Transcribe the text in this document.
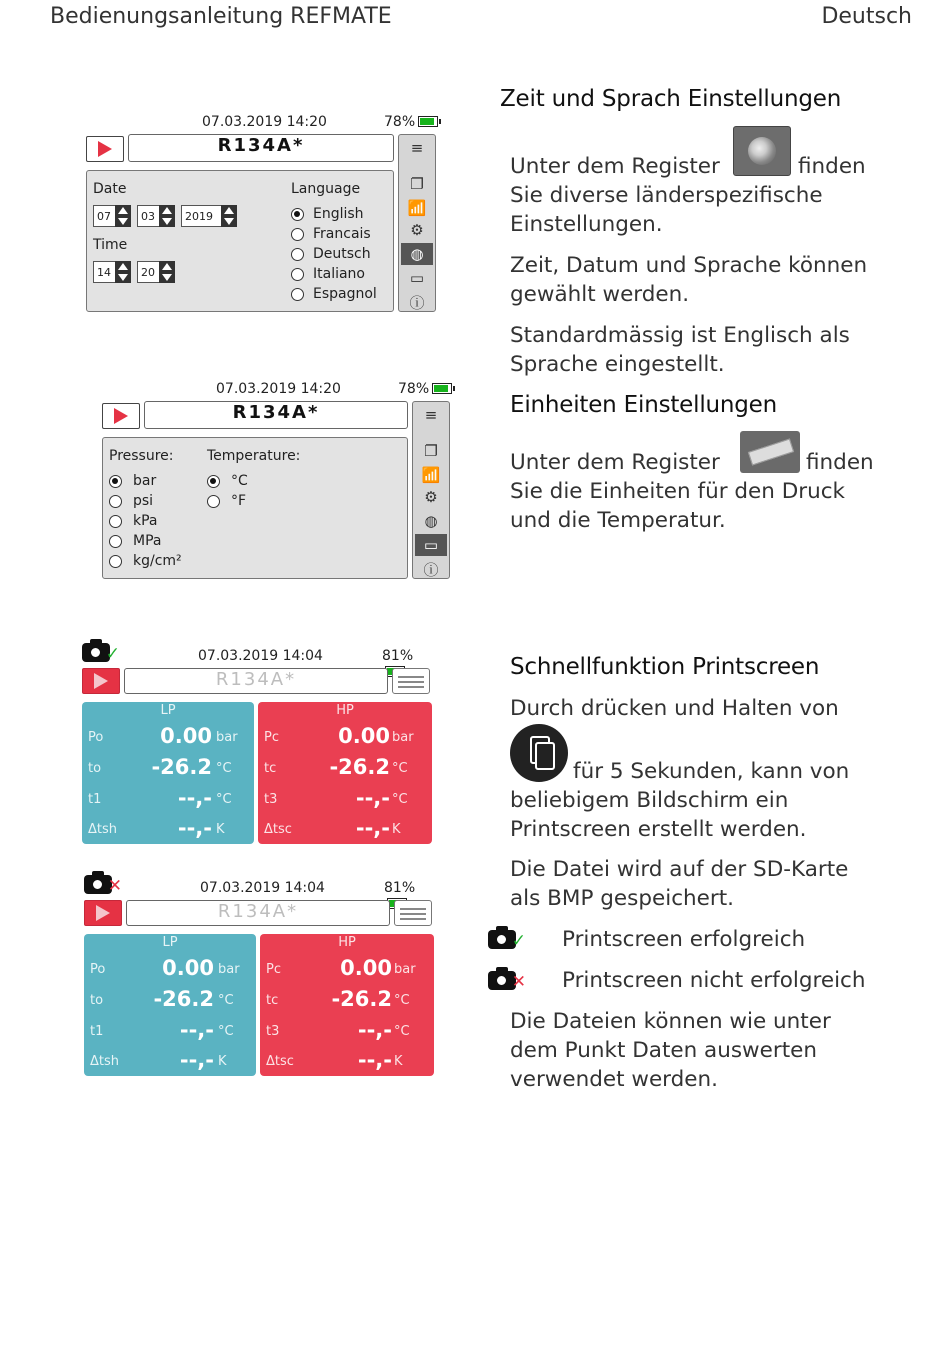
Bedienungsanleitung REFMATE	Deutsch
07.03.2019 14:20	78%
R134A*	≡
❐
📶
⚙
◍
▭
ⓘ
Date
07	03	2019
Time
14	20
Language
English
Francais
Deutsch
Italiano
Espagnol
07.03.2019 14:20	78%
R134A*	≡
❐
📶
⚙
◍
▭
ⓘ
Pressure:
bar
psi
kPa
MPa
kg/cm²
Temperature:
°C
°F
✓	07.03.2019 14:04	81%
R134A*
LP
Po	0.00 bar
to -26.2 °C
t1	--,- °C
Δtsh	--,- K
HP
Pc	0.00 bar
tc	-26.2 °C
t3	--,- °C
Δtsc	--,- K
✕	07.03.2019 14:04	81%
R134A*
LP
Po	0.00 bar
to -26.2 °C
t1	--,- °C
Δtsh	--,- K
HP
Pc	0.00 bar
tc	-26.2 °C
t3	--,- °C
Δtsc	--,- K
Zeit und Sprach Einstellungen
Unter dem Register	finden
Sie diverse länderspezifische
Einstellungen.
Zeit, Datum und Sprache können
gewählt werden.
Standardmässig ist Englisch als
Sprache eingestellt.
Einheiten Einstellungen
Unter dem Register	finden
Sie die Einheiten für den Druck
und die Temperatur.
Schnellfunktion Printscreen
Durch drücken und Halten von
für 5 Sekunden, kann von
beliebigem Bildschirm ein
Printscreen erstellt werden.
Die Datei wird auf der SD-Karte
als BMP gespeichert.
✓ Printscreen erfolgreich
✕ Printscreen nicht erfolgreich
Die Dateien können wie unter
dem Punkt Daten auswerten
verwendet werden.
